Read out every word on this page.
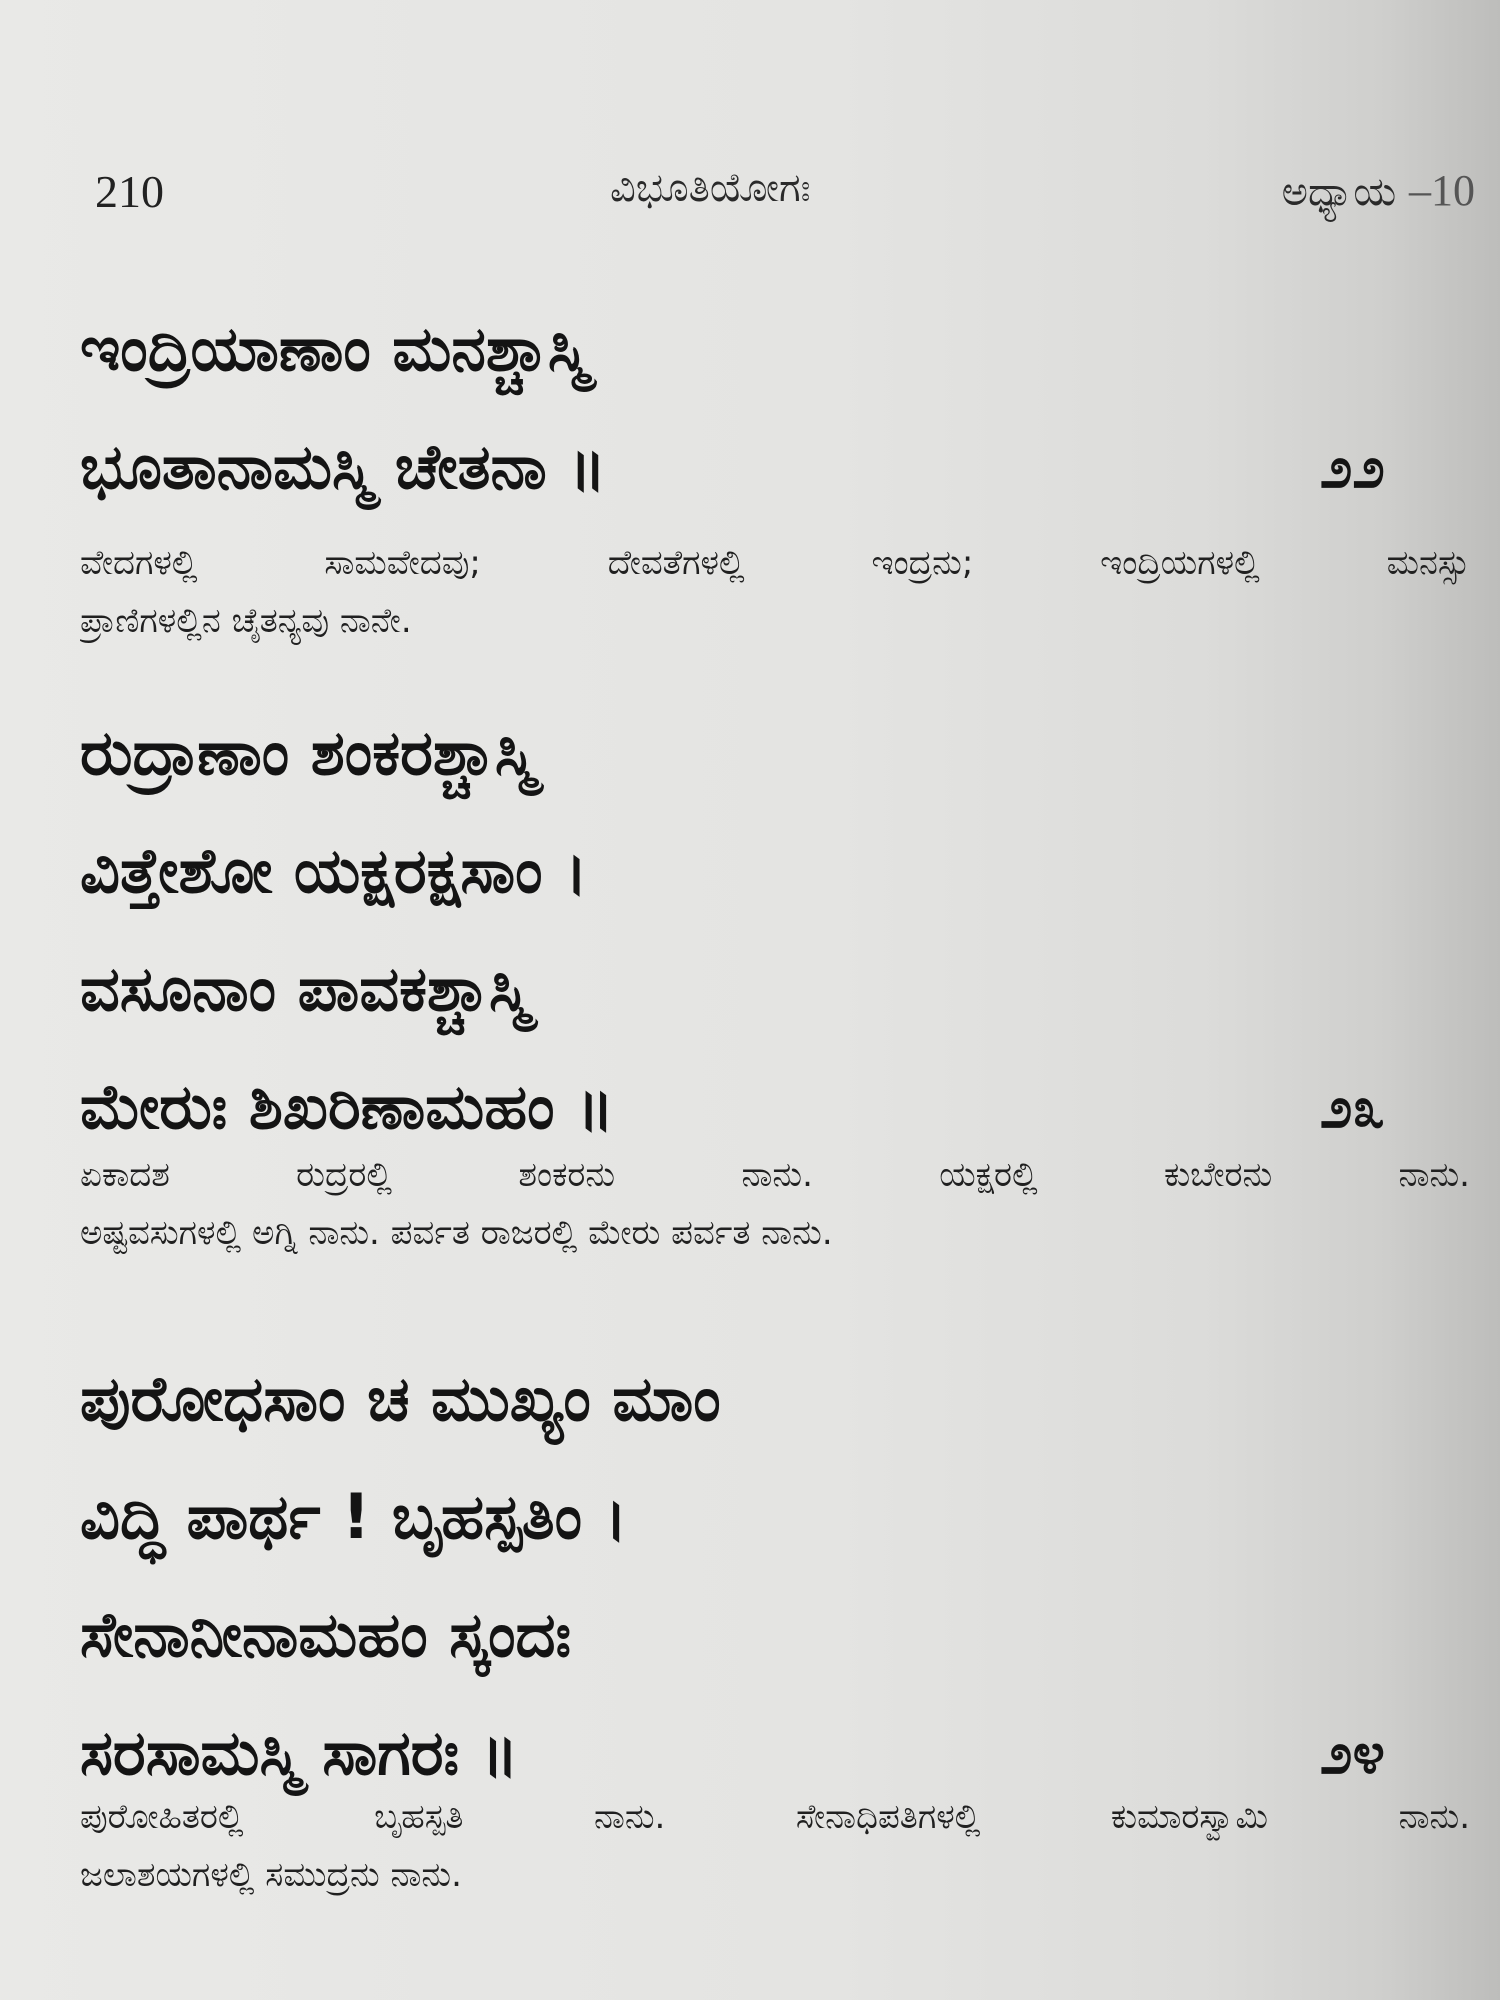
210	ವಿಭೂತಿಯೋಗಃ	ಅಧ್ಯಾಯ –10
ಇಂದ್ರಿಯಾಣಾಂ ಮನಶ್ಚಾಸ್ಮಿ
ಭೂತಾನಾಮಸ್ಮಿ ಚೇತನಾ ॥	೨೨
ವೇದಗಳಲ್ಲಿ ಸಾಮವೇದವು; ದೇವತೆಗಳಲ್ಲಿ ಇಂದ್ರನು; ಇಂದ್ರಿಯಗಳಲ್ಲಿ ಮನಸ್ಸು
ಪ್ರಾಣಿಗಳಲ್ಲಿನ ಚೈತನ್ಯವು ನಾನೇ.
ರುದ್ರಾಣಾಂ ಶಂಕರಶ್ಚಾಸ್ಮಿ
ವಿತ್ತೇಶೋ ಯಕ್ಷರಕ್ಷಸಾಂ ।
ವಸೂನಾಂ ಪಾವಕಶ್ಚಾಸ್ಮಿ
ಮೇರುಃ ಶಿಖರಿಣಾಮಹಂ ॥	೨೩
ಏಕಾದಶ ರುದ್ರರಲ್ಲಿ ಶಂಕರನು ನಾನು. ಯಕ್ಷರಲ್ಲಿ ಕುಬೇರನು ನಾನು.
ಅಷ್ಟವಸುಗಳಲ್ಲಿ ಅಗ್ನಿ ನಾನು. ಪರ್ವತ ರಾಜರಲ್ಲಿ ಮೇರು ಪರ್ವತ ನಾನು.
ಪುರೋಧಸಾಂ ಚ ಮುಖ್ಯಂ ಮಾಂ
ವಿದ್ಧಿ ಪಾರ್ಥ ! ಬೃಹಸ್ಪತಿಂ ।
ಸೇನಾನೀನಾಮಹಂ ಸ್ಕಂದಃ
ಸರಸಾಮಸ್ಮಿ ಸಾಗರಃ ॥	೨೪
ಪುರೋಹಿತರಲ್ಲಿ ಬೃಹಸ್ಪತಿ ನಾನು. ಸೇನಾಧಿಪತಿಗಳಲ್ಲಿ ಕುಮಾರಸ್ವಾಮಿ ನಾನು.
ಜಲಾಶಯಗಳಲ್ಲಿ ಸಮುದ್ರನು ನಾನು.
